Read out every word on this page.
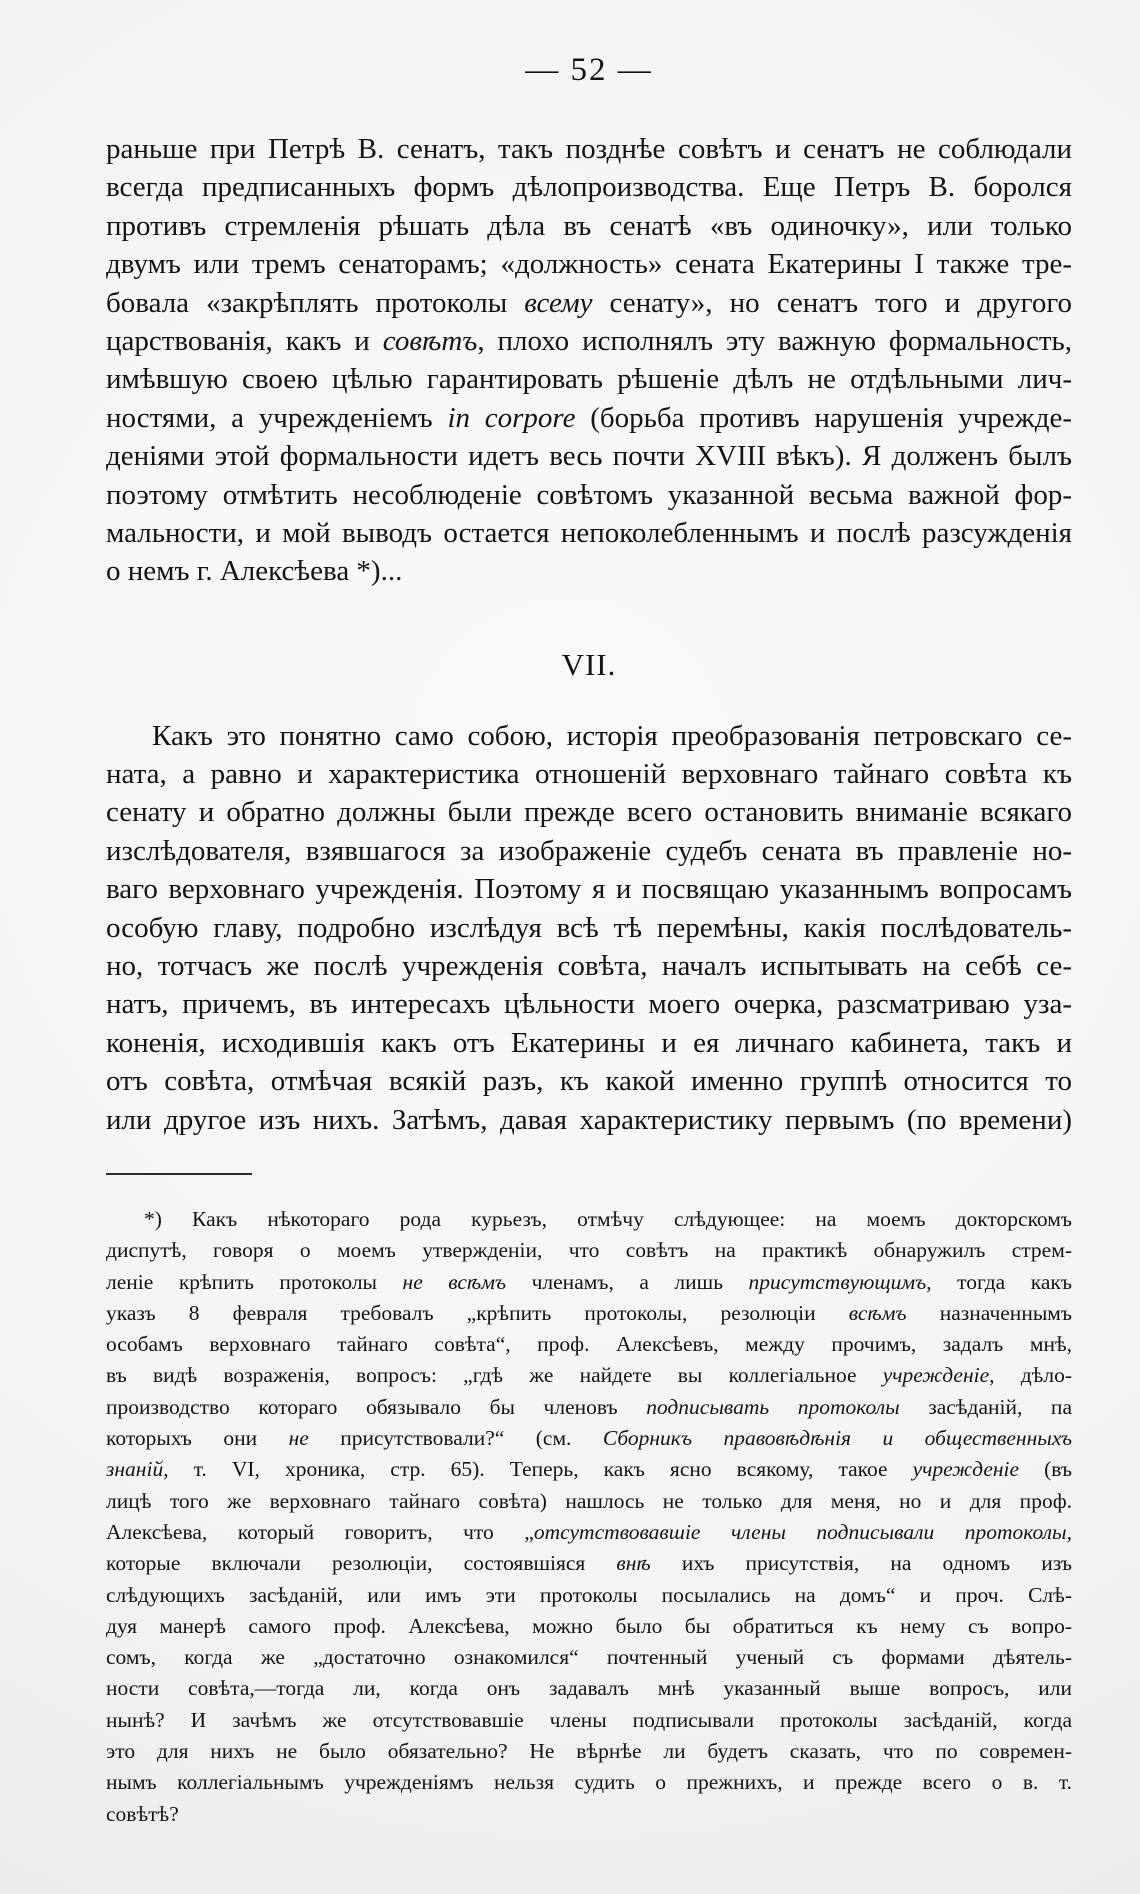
— 52 —
раньше при Петрѣ В. сенатъ, такъ позднѣе совѣтъ и сенатъ не соблюдали
всегда предписанныхъ формъ дѣлопроизводства. Еще Петръ В. боролся
противъ стремленія рѣшать дѣла въ сенатѣ «въ одиночку», или только
двумъ или тремъ сенаторамъ; «должность» сената Екатерины I также тре-
бовала «закрѣплять протоколы всему сенату», но сенатъ того и другого
царствованія, какъ и совѣтъ, плохо исполнялъ эту важную формальность,
имѣвшую своею цѣлью гарантировать рѣшеніе дѣлъ не отдѣльными лич-
ностями, а учрежденіемъ in corpore (борьба противъ нарушенія учрежде-
деніями этой формальности идетъ весь почти XVIII вѣкъ). Я долженъ былъ
поэтому отмѣтить несоблюденіе совѣтомъ указанной весьма важной фор-
мальности, и мой выводъ остается непоколебленнымъ и послѣ разсужденія
о немъ г. Алексѣева *)...
VII.
Какъ это понятно само собою, исторія преобразованія петровскаго се-
ната, а равно и характеристика отношеній верховнаго тайнаго совѣта къ
сенату и обратно должны были прежде всего остановить вниманіе всякаго
изслѣдователя, взявшагося за изображеніе судебъ сената въ правленіе но-
ваго верховнаго учрежденія. Поэтому я и посвящаю указаннымъ вопросамъ
особую главу, подробно изслѣдуя всѣ тѣ перемѣны, какія послѣдователь-
но, тотчасъ же послѣ учрежденія совѣта, началъ испытывать на себѣ се-
натъ, причемъ, въ интересахъ цѣльности моего очерка, разсматриваю уза-
коненія, исходившія какъ отъ Екатерины и ея личнаго кабинета, такъ и
отъ совѣта, отмѣчая всякій разъ, къ какой именно группѣ относится то
или другое изъ нихъ. Затѣмъ, давая характеристику первымъ (по времени)
*) Какъ нѣкотораго рода курьезъ, отмѣчу слѣдующее: на моемъ докторскомъ
диспутѣ, говоря о моемъ утвержденіи, что совѣтъ на практикѣ обнаружилъ стрем-
леніе крѣпить протоколы не всѣмъ членамъ, а лишь присутствующимъ, тогда какъ
указъ 8 февраля требовалъ „крѣпить протоколы, резолюціи всѣмъ назначеннымъ
особамъ верховнаго тайнаго совѣта“, проф. Алексѣевъ, между прочимъ, задалъ мнѣ,
въ видѣ возраженія, вопросъ: „гдѣ же найдете вы коллегіальное учрежденіе, дѣло-
производство котораго обязывало бы членовъ подписывать протоколы засѣданій, па
которыхъ они не присутствовали?“ (см. Сборникъ правовѣдѣнія и общественныхъ
знаній, т. VI, хроника, стр. 65). Теперь, какъ ясно всякому, такое учрежденіе (въ
лицѣ того же верховнаго тайнаго совѣта) нашлось не только для меня, но и для проф.
Алексѣева, который говоритъ, что „отсутствовавшіе члены подписывали протоколы,
которые включали резолюціи, состоявшіяся внѣ ихъ присутствія, на одномъ изъ
слѣдующихъ засѣданій, или имъ эти протоколы посылались на домъ“ и проч. Слѣ-
дуя манерѣ самого проф. Алексѣева, можно было бы обратиться къ нему съ вопро-
сомъ, когда же „достаточно ознакомился“ почтенный ученый съ формами дѣятель-
ности совѣта,—тогда ли, когда онъ задавалъ мнѣ указанный выше вопросъ, или
нынѣ? И зачѣмъ же отсутствовавшіе члены подписывали протоколы засѣданій, когда
это для нихъ не было обязательно? Не вѣрнѣе ли будетъ сказать, что по современ-
нымъ коллегіальнымъ учрежденіямъ нельзя судить о прежнихъ, и прежде всего о в. т.
совѣтѣ?
